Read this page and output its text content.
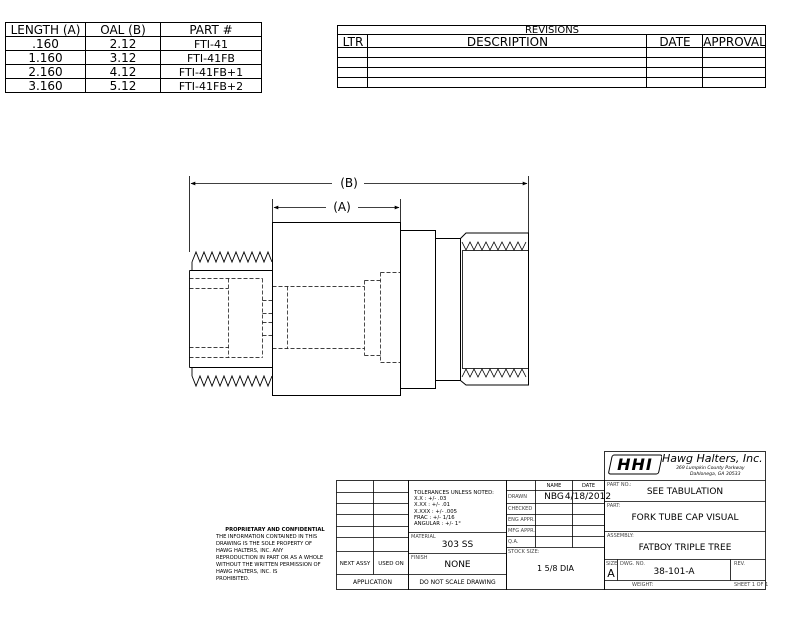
LENGTH (A)	OAL (B)	PART #
.160	2.12	FTI-41
1.160	3.12	FTI-41FB
2.160	4.12	FTI-41FB+1
3.160	5.12	FTI-41FB+2
REVISIONS
LTR	DESCRIPTION	DATE	APPROVAL
(B)
(A)
PROPRIETARY AND CONFIDENTIAL
THE INFORMATION CONTAINED IN THIS
DRAWING IS THE SOLE PROPERTY OF
HAWG HALTERS, INC. ANY
REPRODUCTION IN PART OR AS A WHOLE
WITHOUT THE WRITTEN PERMISSION OF
HAWG HALTERS, INC. IS
PROHIBITED.
NEXT ASSY	USED ON
APPLICATION
TOLERANCES UNLESS NOTED:
X.X : +/- .03
X.XX : +/- .01
X.XXX : +/- .005
FRAC : +/- 1/16
ANGULAR : +/- 1°
MATERIAL
303 SS
FINISH
NONE
DO NOT SCALE DRAWING
NAME	DATE
DRAWN	NBG 4/18/2012
CHECKED
ENG APPR.
MFG APPR.
Q.A.
STOCK SIZE:
1 5/8 DIA
HHI Hawg Halters, Inc.
369 Lumpkin County Parkway
Dahlonega, GA 30533
PART NO.:
SEE TABULATION
PART:
FORK TUBE CAP VISUAL
ASSEMBLY:
FATBOY TRIPLE TREE
SIZE
A
DWG. NO.
38-101-A
REV.
WEIGHT:	SHEET 1 OF 1
